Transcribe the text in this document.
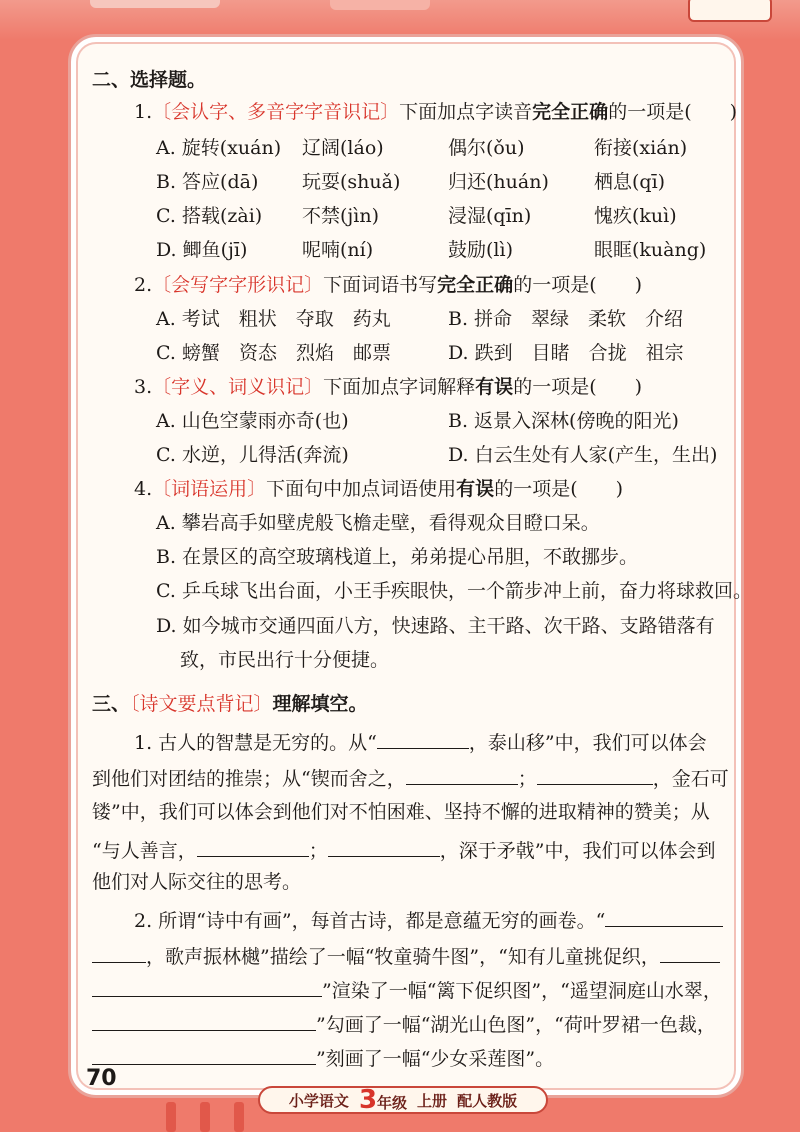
二、选择题。
1.〔会认字、多音字字音识记〕下面加点字读音完全正确的一项是(　　)
A. 旋转(xuán) 辽阔(láo)	偶尔(ǒu)	衔接(xián)
B. 答应(dā) 玩耍(shuǎ)	归还(huán) 栖息(qī)
C. 搭载(zài) 不禁(jìn)	浸湿(qīn)	愧疚(kuì)
D. 鲫鱼(jī)	呢喃(ní)	鼓励(lì)	眼眶(kuàng)
2.〔会写字字形识记〕下面词语书写完全正确的一项是(　　)
A. 考试　粗状　夺取　药丸	B. 拼命　翠绿　柔软　介绍
C. 螃蟹　资态　烈焰　邮票	D. 跌到　目睹　合拢　祖宗
3.〔字义、词义识记〕下面加点字词解释有误的一项是(　　)
A. 山色空蒙雨亦奇(也)	B. 返景入深林(傍晚的阳光)
C. 水逆，儿得活(奔流)	D. 白云生处有人家(产生，生出)
4.〔词语运用〕下面句中加点词语使用有误的一项是(　　)
A. 攀岩高手如壁虎般飞檐走壁，看得观众目瞪口呆。
B. 在景区的高空玻璃栈道上，弟弟提心吊胆，不敢挪步。
C. 乒乓球飞出台面，小王手疾眼快，一个箭步冲上前，奋力将球救回。
D. 如今城市交通四面八方，快速路、主干路、次干路、支路错落有
致，市民出行十分便捷。
三、〔诗文要点背记〕理解填空。
1. 古人的智慧是无穷的。从“	，泰山移”中，我们可以体会
到他们对团结的推崇；从“锲而舍之，	；	，金石可
镂”中，我们可以体会到他们对不怕困难、坚持不懈的进取精神的赞美；从
“与人善言，	；	，深于矛戟”中，我们可以体会到
他们对人际交往的思考。
2. 所谓“诗中有画”，每首古诗，都是意蕴无穷的画卷。“
，歌声振林樾”描绘了一幅“牧童骑牛图”，“知有儿童挑促织，
”渲染了一幅“篱下促织图”，“遥望洞庭山水翠，
”勾画了一幅“湖光山色图”，“荷叶罗裙一色裁，
”刻画了一幅“少女采莲图”。
70
小学语文 3年级 上册 配人教版
